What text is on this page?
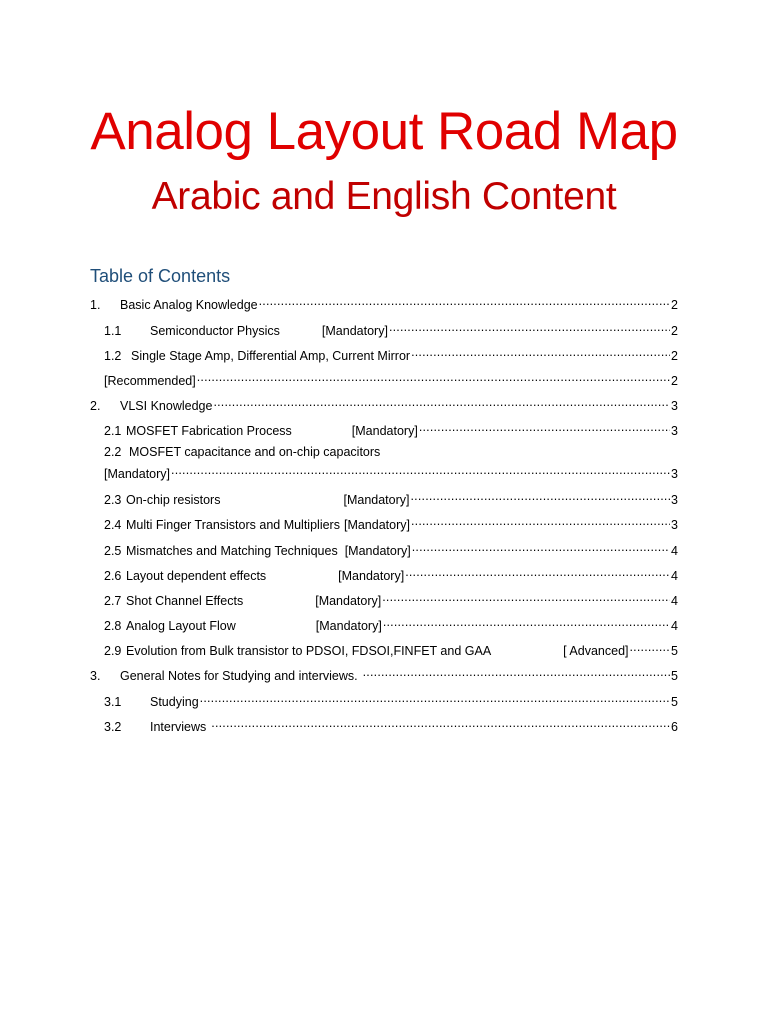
Analog Layout Road Map
Arabic and English Content
Table of Contents
1.	Basic Analog Knowledge .....	2
1.1	Semiconductor Physics	[Mandatory] .....	2
1.2 Single Stage Amp, Differential Amp, Current Mirror .....	2
[Recommended] .....	2
2.	VLSI Knowledge .....	3
2.1 MOSFET Fabrication Process	[Mandatory] .....	3
2.2 MOSFET capacitance and on-chip capacitors
[Mandatory] .....	3
2.3 On-chip resistors	[Mandatory] .....	3
2.4 Multi Finger Transistors and Multipliers [Mandatory] .....	3
2.5 Mismatches and Matching Techniques [Mandatory] .....	4
2.6 Layout dependent effects	[Mandatory] .....	4
2.7 Shot Channel Effects	[Mandatory] .....	4
2.8 Analog Layout Flow	[Mandatory] .....	4
2.9 Evolution from Bulk transistor to PDSOI, FDSOI,FINFET and GAA	[ Advanced] .....	5
3.	General Notes for Studying and interviews. .....	5
3.1	Studying .....	5
3.2	Interviews .....	6
